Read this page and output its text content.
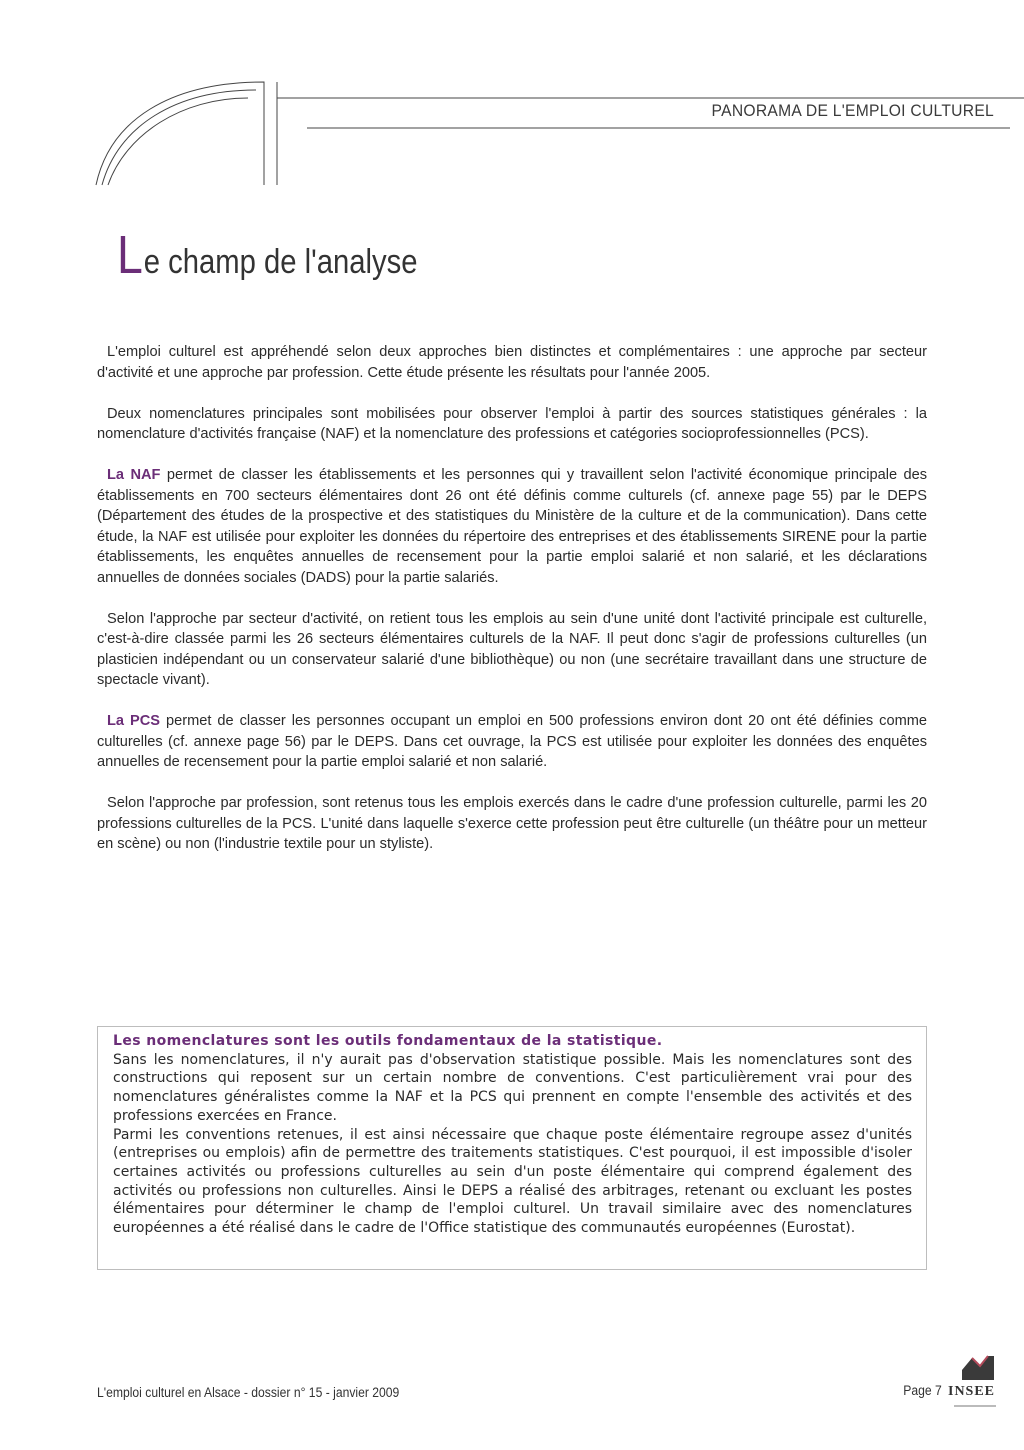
PANORAMA DE L'EMPLOI CULTUREL
Le champ de l'analyse

L'emploi culturel est appréhendé selon deux approches bien distinctes et complémentaires : une approche par secteur d'activité et une approche par profession. Cette étude présente les résultats pour l'année 2005.

Deux nomenclatures principales sont mobilisées pour observer l'emploi à partir des sources statistiques générales : la nomenclature d'activités française (NAF) et la nomenclature des professions et catégories socioprofessionnelles (PCS).

La NAF permet de classer les établissements et les personnes qui y travaillent selon l'activité économique principale des établissements en 700 secteurs élémentaires dont 26 ont été définis comme culturels (cf. annexe page 55) par le DEPS (Département des études de la prospective et des statistiques du Ministère de la culture et de la communication). Dans cette étude, la NAF est utilisée pour exploiter les données du répertoire des entreprises et des établissements SIRENE pour la partie établissements, les enquêtes annuelles de recensement pour la partie emploi salarié et non salarié, et les déclarations annuelles de données sociales (DADS) pour la partie salariés.

Selon l'approche par secteur d'activité, on retient tous les emplois au sein d'une unité dont l'activité principale est culturelle, c'est-à-dire classée parmi les 26 secteurs élémentaires culturels de la NAF. Il peut donc s'agir de professions culturelles (un plasticien indépendant ou un conservateur salarié d'une bibliothèque) ou non (une secrétaire travaillant dans une structure de spectacle vivant).

La PCS permet de classer les personnes occupant un emploi en 500 professions environ dont 20 ont été définies comme culturelles (cf. annexe page 56) par le DEPS. Dans cet ouvrage, la PCS est utilisée pour exploiter les données des enquêtes annuelles de recensement pour la partie emploi salarié et non salarié.

Selon l'approche par profession, sont retenus tous les emplois exercés dans le cadre d'une profession culturelle, parmi les 20 professions culturelles de la PCS. L'unité dans laquelle s'exerce cette profession peut être culturelle (un théâtre pour un metteur en scène) ou non (l'industrie textile pour un styliste).

Les nomenclatures sont les outils fondamentaux de la statistique.

Sans les nomenclatures, il n'y aurait pas d'observation statistique possible. Mais les nomenclatures sont des constructions qui reposent sur un certain nombre de conventions. C'est particulièrement vrai pour des nomenclatures généralistes comme la NAF et la PCS qui prennent en compte l'ensemble des activités et des professions exercées en France.

Parmi les conventions retenues, il est ainsi nécessaire que chaque poste élémentaire regroupe assez d'unités (entreprises ou emplois) afin de permettre des traitements statistiques. C'est pourquoi, il est impossible d'isoler certaines activités ou professions culturelles au sein d'un poste élémentaire qui comprend également des activités ou professions non culturelles. Ainsi le DEPS a réalisé des arbitrages, retenant ou excluant les postes élémentaires pour déterminer le champ de l'emploi culturel. Un travail similaire avec des nomenclatures européennes a été réalisé dans le cadre de l'Office statistique des communautés européennes (Eurostat).

L'emploi culturel en Alsace - dossier n° 15 - janvier 2009	Page 7 INSEE
